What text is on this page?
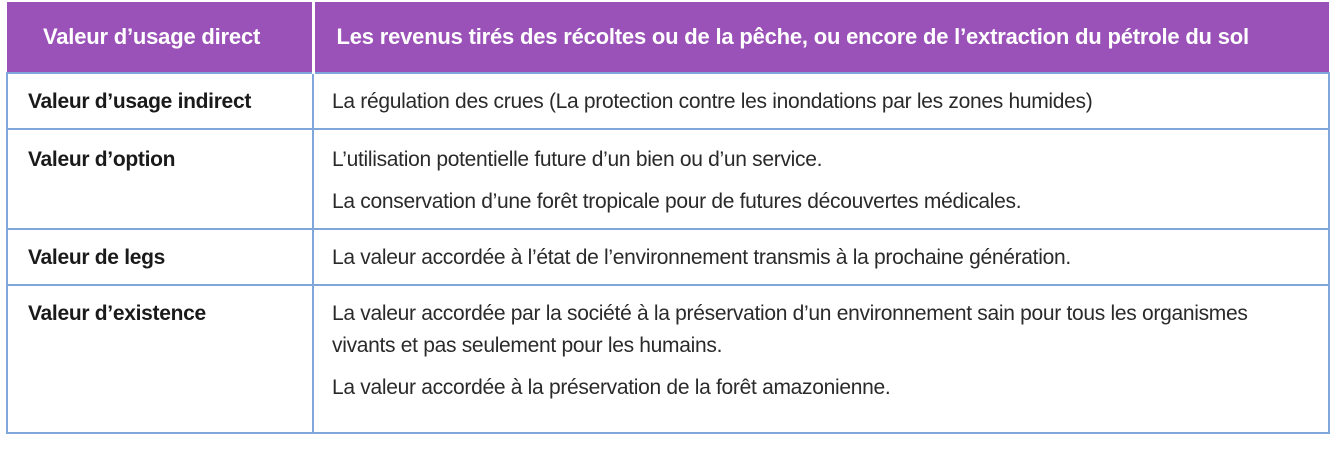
Valeur d’usage direct	Les revenus tirés des récoltes ou de la pêche, ou encore de l’extraction du pétrole du sol
Valeur d’usage indirect	La régulation des crues (La protection contre les inondations par les zones humides)

Valeur d’option	L’utilisation potentielle future d’un bien ou d’un service.
La conservation d’une forêt tropicale pour de futures découvertes médicales.

Valeur de legs	La valeur accordée à l’état de l’environnement transmis à la prochaine génération.

Valeur d’existence	La valeur accordée par la société à la préservation d’un environnement sain pour tous les organismes vivants et pas seulement pour les humains.
La valeur accordée à la préservation de la forêt amazonienne.
